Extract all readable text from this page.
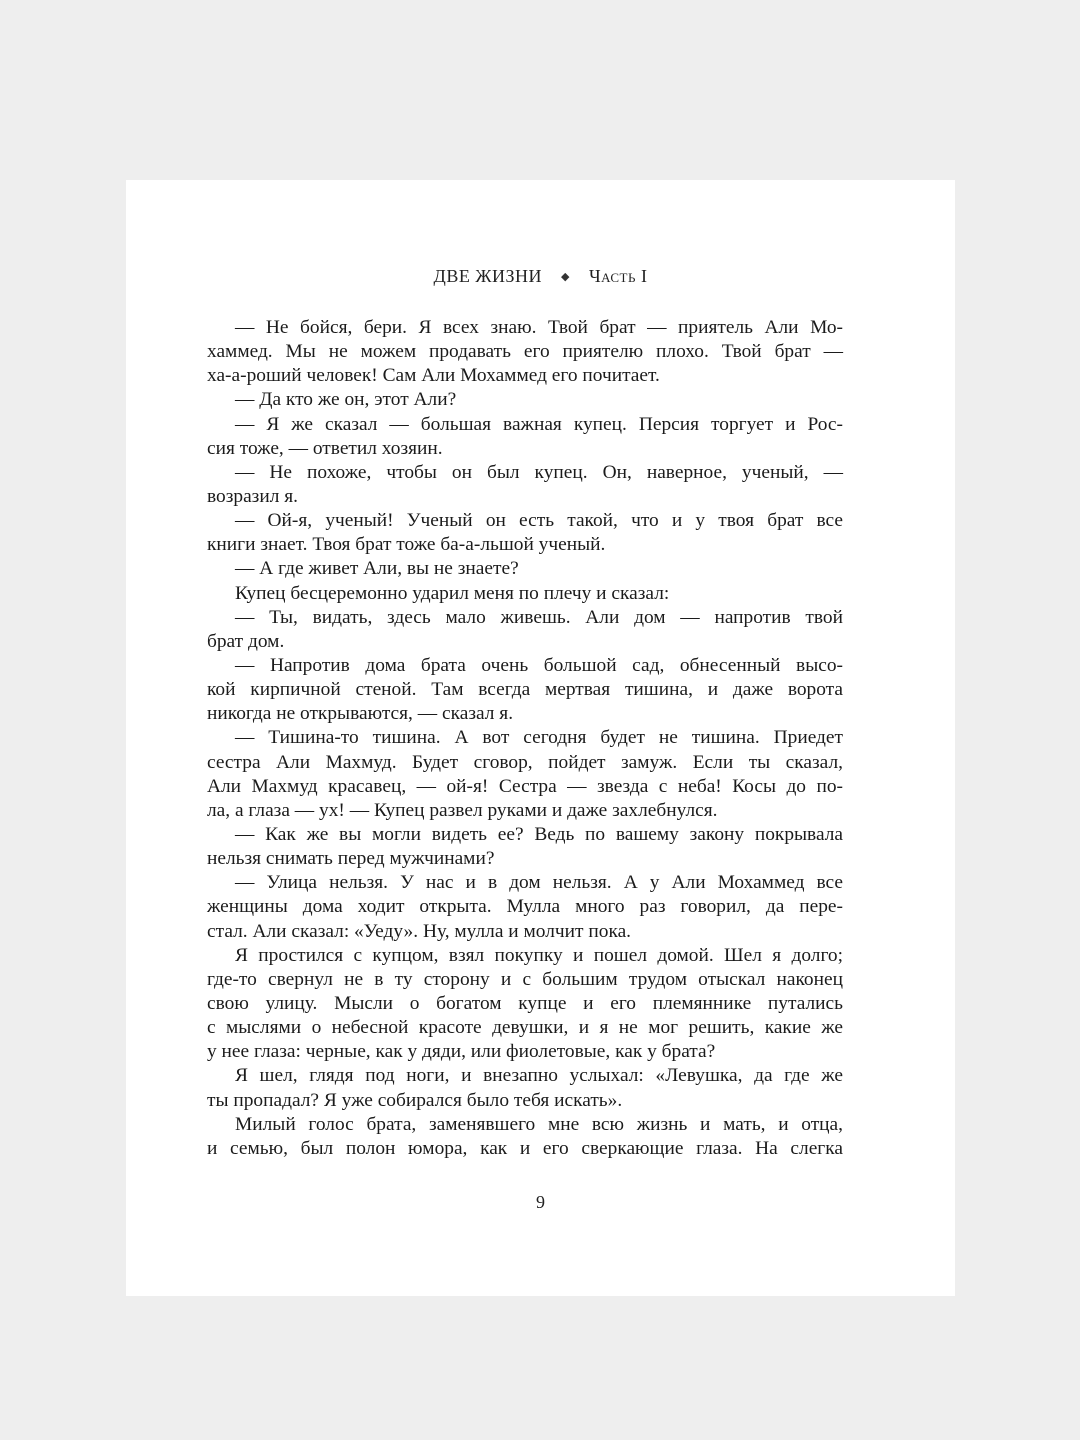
ДВЕ ЖИЗНИ ◆ Часть I
— Не бойся, бери. Я всех знаю. Твой брат — приятель Али Мо-
хаммед. Мы не можем продавать его приятелю плохо. Твой брат —
ха-а-роший человек! Сам Али Мохаммед его почитает.
— Да кто же он, этот Али?
— Я же сказал — большая важная купец. Персия торгует и Рос-
сия тоже, — ответил хозяин.
— Не похоже, чтобы он был купец. Он, наверное, ученый, —
возразил я.
— Ой-я, ученый! Ученый он есть такой, что и у твоя брат все
книги знает. Твоя брат тоже ба-а-льшой ученый.
— А где живет Али, вы не знаете?
Купец бесцеремонно ударил меня по плечу и сказал:
— Ты, видать, здесь мало живешь. Али дом — напротив твой
брат дом.
— Напротив дома брата очень большой сад, обнесенный высо-
кой кирпичной стеной. Там всегда мертвая тишина, и даже ворота
никогда не открываются, — сказал я.
— Тишина-то тишина. А вот сегодня будет не тишина. Приедет
сестра Али Махмуд. Будет сговор, пойдет замуж. Если ты сказал,
Али Махмуд красавец, — ой-я! Сестра — звезда с неба! Косы до по-
ла, а глаза — ух! — Купец развел руками и даже захлебнулся.
— Как же вы могли видеть ее? Ведь по вашему закону покрывала
нельзя снимать перед мужчинами?
— Улица нельзя. У нас и в дом нельзя. А у Али Мохаммед все
женщины дома ходит открыта. Мулла много раз говорил, да пере-
стал. Али сказал: «Уеду». Ну, мулла и молчит пока.
Я простился с купцом, взял покупку и пошел домой. Шел я долго;
где-то свернул не в ту сторону и с большим трудом отыскал наконец
свою улицу. Мысли о богатом купце и его племяннике путались
с мыслями о небесной красоте девушки, и я не мог решить, какие же
у нее глаза: черные, как у дяди, или фиолетовые, как у брата?
Я шел, глядя под ноги, и внезапно услыхал: «Левушка, да где же
ты пропадал? Я уже собирался было тебя искать».
Милый голос брата, заменявшего мне всю жизнь и мать, и отца,
и семью, был полон юмора, как и его сверкающие глаза. На слегка
9
